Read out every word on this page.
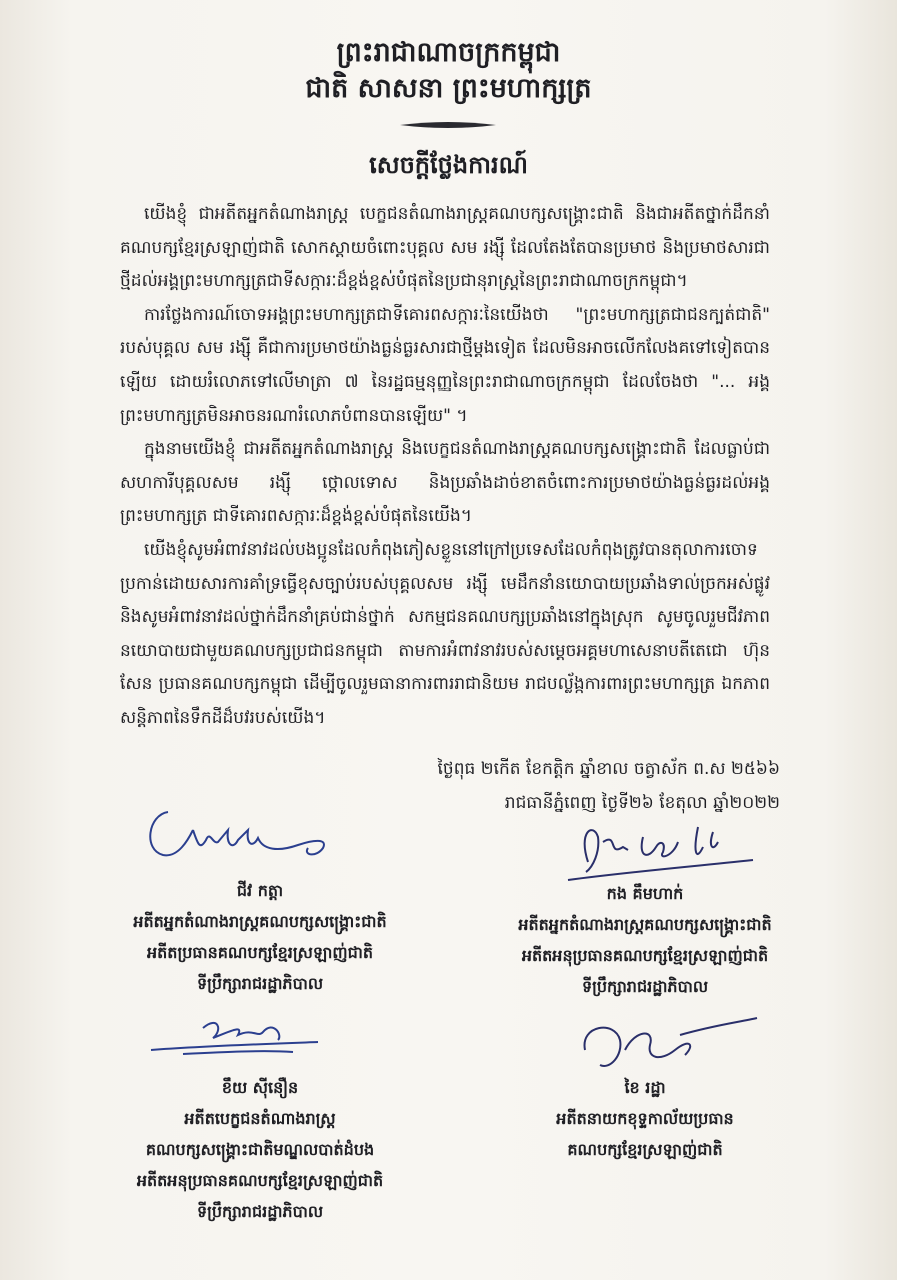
ព្រះរាជាណាចក្រកម្ពុជា
ជាតិ សាសនា ព្រះមហាក្សត្រ
សេចក្ដីថ្លែងការណ៍

យើងខ្ញុំ ជាអតីតអ្នកតំណាងរាស្ត្រ បេក្ខជនតំណាងរាស្ត្រគណបក្សសង្គ្រោះជាតិ និងជាអតីតថ្នាក់ដឹកនាំគណបក្សខ្មែរស្រឡាញ់ជាតិ សោកស្ដាយចំពោះបុគ្គល សម រង្ស៊ី ដែលតែងតែបានប្រមាថ និងប្រមាថសារជាថ្មីដល់អង្គព្រះមហាក្សត្រជាទីសក្ការៈដ៏ខ្ពង់ខ្ពស់បំផុតនៃប្រជានុរាស្ត្រនៃព្រះរាជាណាចក្រកម្ពុជា។

ការថ្លែងការណ៍ចោទអង្គព្រះមហាក្សត្រជាទីគោរពសក្ការៈនៃយើងថា "ព្រះមហាក្សត្រជាជនក្បត់ជាតិ" របស់បុគ្គល សម រង្ស៊ី គឺជាការប្រមាថយ៉ាងធ្ងន់ធ្ងរសារជាថ្មីម្ដងទៀត ដែលមិនអាចលើកលែងគទៅទៀតបានឡើយ ដោយរំលោភទៅលើមាត្រា ៧ នៃរដ្ឋធម្មនុញ្ញនៃព្រះរាជាណាចក្រកម្ពុជា ដែលចែងថា "... អង្គព្រះមហាក្សត្រមិនអាចនរណារំលោភបំពានបានឡើយ" ។

ក្នុងនាមយើងខ្ញុំ ជាអតីតអ្នកតំណាងរាស្ត្រ និងបេក្ខជនតំណាងរាស្ត្រគណបក្សសង្គ្រោះជាតិ ដែលធ្លាប់ជាសហការីបុគ្គលសម រង្ស៊ី ថ្កោលទោស និងប្រឆាំងដាច់ខាតចំពោះការប្រមាថយ៉ាងធ្ងន់ធ្ងរដល់អង្គព្រះមហាក្សត្រ ជាទីគោរពសក្ការៈដ៏ខ្ពង់ខ្ពស់បំផុតនៃយើង។

យើងខ្ញុំសូមអំពាវនាវដល់បងប្អូនដែលកំពុងភៀសខ្លួននៅក្រៅប្រទេសដែលកំពុងត្រូវបានតុលាការចោទប្រកាន់ដោយសារការគាំទ្រធ្វើខុសច្បាប់របស់បុគ្គលសម រង្ស៊ី មេដឹកនាំនយោបាយប្រឆាំងទាល់ច្រកអស់ផ្លូវ និងសូមអំពាវនាវដល់ថ្នាក់ដឹកនាំគ្រប់ជាន់ថ្នាក់ សកម្មជនគណបក្សប្រឆាំងនៅក្នុងស្រុក សូមចូលរួមជីវភាពនយោបាយជាមួយគណបក្សប្រជាជនកម្ពុជា តាមការអំពាវនាវរបស់សម្ដេចអគ្គមហាសេនាបតីតេជោ ហ៊ុន សែន ប្រធានគណបក្សកម្ពុជា ដើម្បីចូលរួមធានាការពាររាជានិយម រាជបល្ល័ង្កការពារព្រះមហាក្សត្រ ឯកភាព សន្តិភាពនៃទឹកដីដ៏បវរបស់យើង។

ថ្ងៃពុធ ២កើត ខែកត្តិក ឆ្នាំខាល ចត្វាស័ក ព.ស ២៥៦៦
រាជធានីភ្នំពេញ ថ្ងៃទី២៦ ខែតុលា ឆ្នាំ២០២២
ជីវ កត្តា
អតីតអ្នកតំណាងរាស្ត្រគណបក្សសង្គ្រោះជាតិ
អតីតប្រធានគណបក្សខ្មែរស្រឡាញ់ជាតិ
ទីប្រឹក្សារាជរដ្ឋាភិបាល
កង គឹមហាក់
អតីតអ្នកតំណាងរាស្ត្រគណបក្សសង្គ្រោះជាតិ
អតីតអនុប្រធានគណបក្សខ្មែរស្រឡាញ់ជាតិ
ទីប្រឹក្សារាជរដ្ឋាភិបាល
ខឹយ ស៊ីនឿន
អតីតបេក្ខជនតំណាងរាស្ត្រ
គណបក្សសង្គ្រោះជាតិមណ្ឌលបាត់ដំបង
អតីតអនុប្រធានគណបក្សខ្មែរស្រឡាញ់ជាតិ
ទីប្រឹក្សារាជរដ្ឋាភិបាល
ខៃ រដ្ឋា
អតីតនាយកខុទ្ទកាល័យប្រធាន
គណបក្សខ្មែរស្រឡាញ់ជាតិ
